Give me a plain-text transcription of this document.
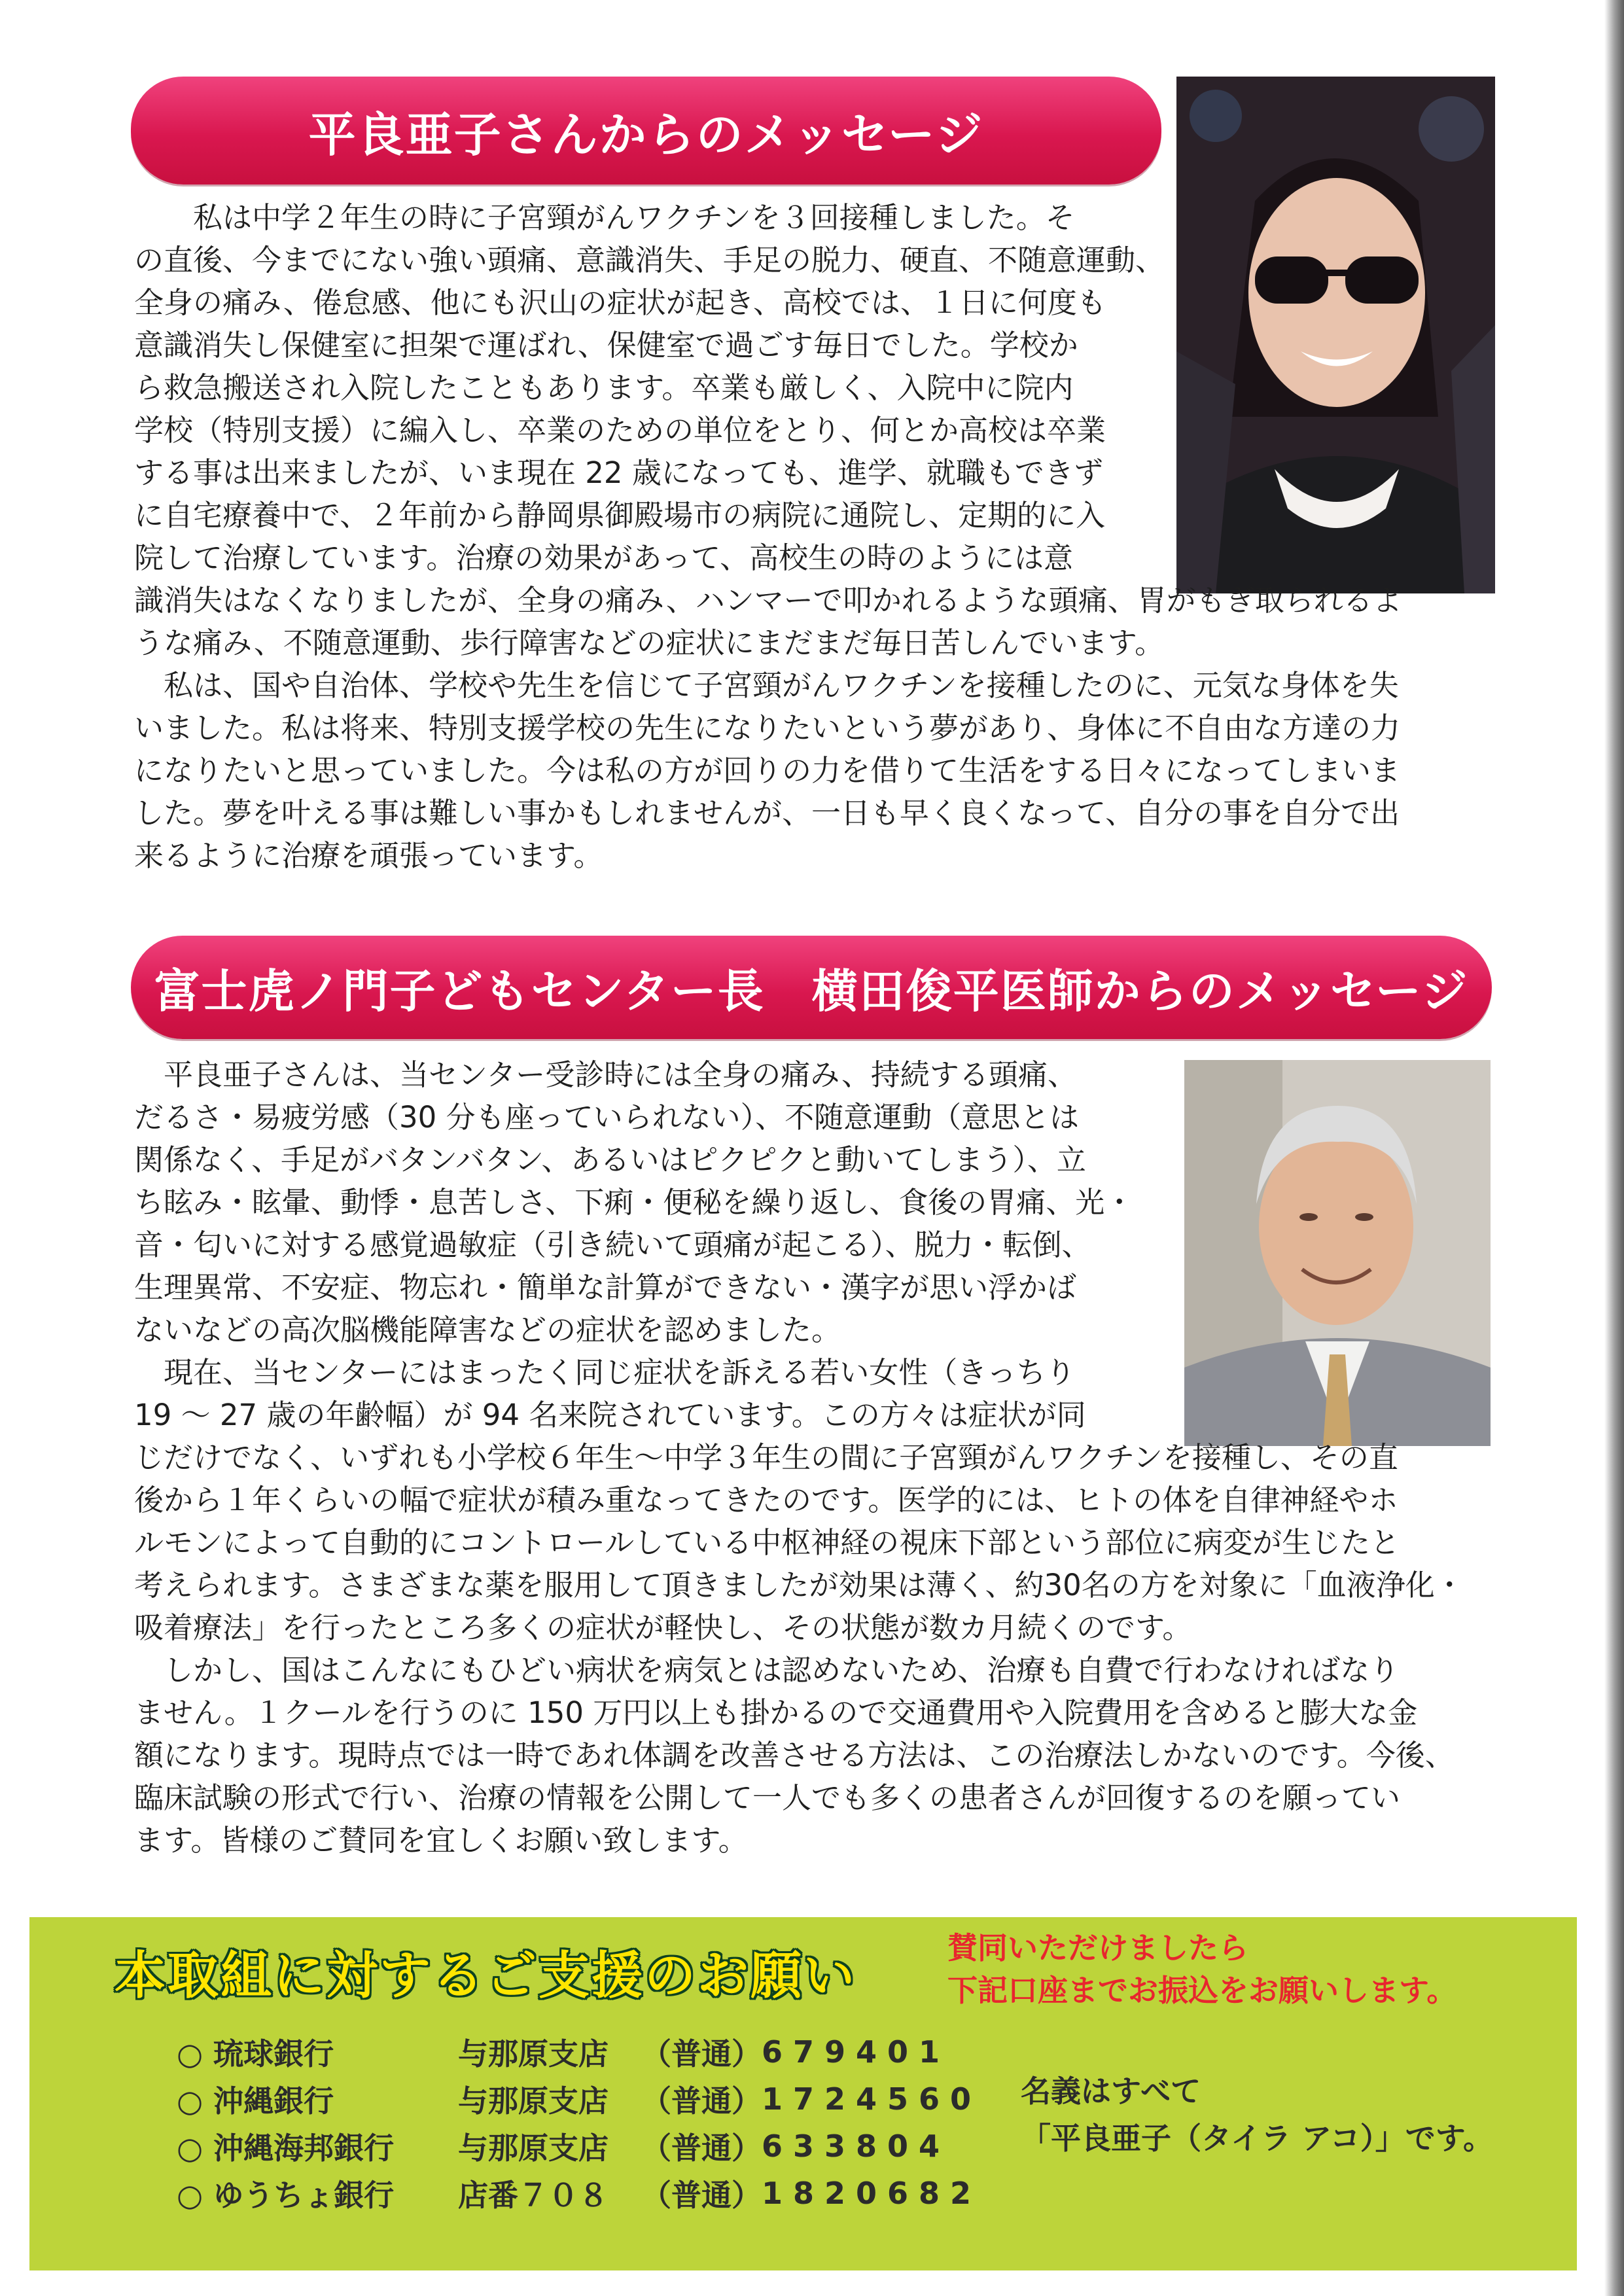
平良亜子さんからのメッセージ

　　私は中学２年生の時に子宮頸がんワクチンを３回接種しました。そ
の直後、今までにない強い頭痛、意識消失、手足の脱力、硬直、不随意運動、
全身の痛み、倦怠感、他にも沢山の症状が起き、高校では、１日に何度も
意識消失し保健室に担架で運ばれ、保健室で過ごす毎日でした。学校か
ら救急搬送され入院したこともあります。卒業も厳しく、入院中に院内
学校（特別支援）に編入し、卒業のための単位をとり、何とか高校は卒業
する事は出来ましたが、いま現在 22 歳になっても、進学、就職もできず
に自宅療養中で、２年前から静岡県御殿場市の病院に通院し、定期的に入
院して治療しています。治療の効果があって、高校生の時のようには意
識消失はなくなりましたが、全身の痛み、ハンマーで叩かれるような頭痛、胃がもぎ取られるよ
うな痛み、不随意運動、歩行障害などの症状にまだまだ毎日苦しんでいます。
　私は、国や自治体、学校や先生を信じて子宮頸がんワクチンを接種したのに、元気な身体を失
いました。私は将来、特別支援学校の先生になりたいという夢があり、身体に不自由な方達の力
になりたいと思っていました。今は私の方が回りの力を借りて生活をする日々になってしまいま
した。夢を叶える事は難しい事かもしれませんが、一日も早く良くなって、自分の事を自分で出
来るように治療を頑張っています。

富士虎ノ門子どもセンター長　横田俊平医師からのメッセージ

　平良亜子さんは、当センター受診時には全身の痛み、持続する頭痛、
だるさ・易疲労感（30 分も座っていられない）、不随意運動（意思とは
関係なく、手足がバタンバタン、あるいはピクピクと動いてしまう）、立
ち眩み・眩暈、動悸・息苦しさ、下痢・便秘を繰り返し、食後の胃痛、光・
音・匂いに対する感覚過敏症（引き続いて頭痛が起こる）、脱力・転倒、
生理異常、不安症、物忘れ・簡単な計算ができない・漢字が思い浮かば
ないなどの高次脳機能障害などの症状を認めました。
　現在、当センターにはまったく同じ症状を訴える若い女性（きっちり
19 ～ 27 歳の年齢幅）が 94 名来院されています。この方々は症状が同
じだけでなく、いずれも小学校６年生～中学３年生の間に子宮頸がんワクチンを接種し、その直
後から１年くらいの幅で症状が積み重なってきたのです。医学的には、ヒトの体を自律神経やホ
ルモンによって自動的にコントロールしている中枢神経の視床下部という部位に病変が生じたと
考えられます。さまざまな薬を服用して頂きましたが効果は薄く、約30名の方を対象に「血液浄化・
吸着療法」を行ったところ多くの症状が軽快し、その状態が数カ月続くのです。
　しかし、国はこんなにもひどい病状を病気とは認めないため、治療も自費で行わなければなり
ません。１クールを行うのに 150 万円以上も掛かるので交通費用や入院費用を含めると膨大な金
額になります。現時点では一時であれ体調を改善させる方法は、この治療法しかないのです。今後、
臨床試験の形式で行い、治療の情報を公開して一人でも多くの患者さんが回復するのを願ってい
ます。皆様のご賛同を宜しくお願い致します。

本取組に対するご支援のお願い	賛同いただけましたら
下記口座までお振込をお願いします。

○ 琉球銀行	与那原支店	（普通）	679401
○ 沖縄銀行	与那原支店	（普通）	1724560
○ 沖縄海邦銀行	与那原支店	（普通）	633804
○ ゆうちょ銀行	店番７０８	（普通）	1820682

名義はすべて
「平良亜子（タイラ アコ）」です。
